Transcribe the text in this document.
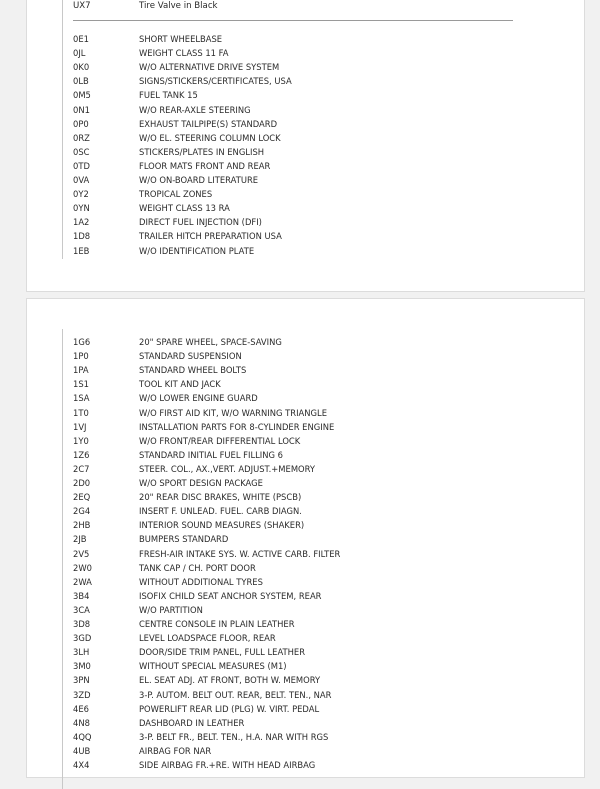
UX7	Tire Valve in Black
0E1	SHORT WHEELBASE
0JL	WEIGHT CLASS 11 FA
0K0	W/O ALTERNATIVE DRIVE SYSTEM
0LB	SIGNS/STICKERS/CERTIFICATES, USA
0M5	FUEL TANK 15
0N1	W/O REAR-AXLE STEERING
0P0	EXHAUST TAILPIPE(S) STANDARD
0RZ	W/O EL. STEERING COLUMN LOCK
0SC	STICKERS/PLATES IN ENGLISH
0TD	FLOOR MATS FRONT AND REAR
0VA	W/O ON-BOARD LITERATURE
0Y2	TROPICAL ZONES
0YN	WEIGHT CLASS 13 RA
1A2	DIRECT FUEL INJECTION (DFI)
1D8	TRAILER HITCH PREPARATION USA
1EB	W/O IDENTIFICATION PLATE
1G6	20" SPARE WHEEL, SPACE-SAVING
1P0	STANDARD SUSPENSION
1PA	STANDARD WHEEL BOLTS
1S1	TOOL KIT AND JACK
1SA	W/O LOWER ENGINE GUARD
1T0	W/O FIRST AID KIT, W/O WARNING TRIANGLE
1VJ	INSTALLATION PARTS FOR 8-CYLINDER ENGINE
1Y0	W/O FRONT/REAR DIFFERENTIAL LOCK
1Z6	STANDARD INITIAL FUEL FILLING 6
2C7	STEER. COL., AX.,VERT. ADJUST.+MEMORY
2D0	W/O SPORT DESIGN PACKAGE
2EQ	20" REAR DISC BRAKES, WHITE (PSCB)
2G4	INSERT F. UNLEAD. FUEL. CARB DIAGN.
2HB	INTERIOR SOUND MEASURES (SHAKER)
2JB	BUMPERS STANDARD
2V5	FRESH-AIR INTAKE SYS. W. ACTIVE CARB. FILTER
2W0	TANK CAP / CH. PORT DOOR
2WA	WITHOUT ADDITIONAL TYRES
3B4	ISOFIX CHILD SEAT ANCHOR SYSTEM, REAR
3CA	W/O PARTITION
3D8	CENTRE CONSOLE IN PLAIN LEATHER
3GD	LEVEL LOADSPACE FLOOR, REAR
3LH	DOOR/SIDE TRIM PANEL, FULL LEATHER
3M0	WITHOUT SPECIAL MEASURES (M1)
3PN	EL. SEAT ADJ. AT FRONT, BOTH W. MEMORY
3ZD	3-P. AUTOM. BELT OUT. REAR, BELT. TEN., NAR
4E6	POWERLIFT REAR LID (PLG) W. VIRT. PEDAL
4N8	DASHBOARD IN LEATHER
4QQ	3-P. BELT FR., BELT. TEN., H.A. NAR WITH RGS
4UB	AIRBAG FOR NAR
4X4	SIDE AIRBAG FR.+RE. WITH HEAD AIRBAG
